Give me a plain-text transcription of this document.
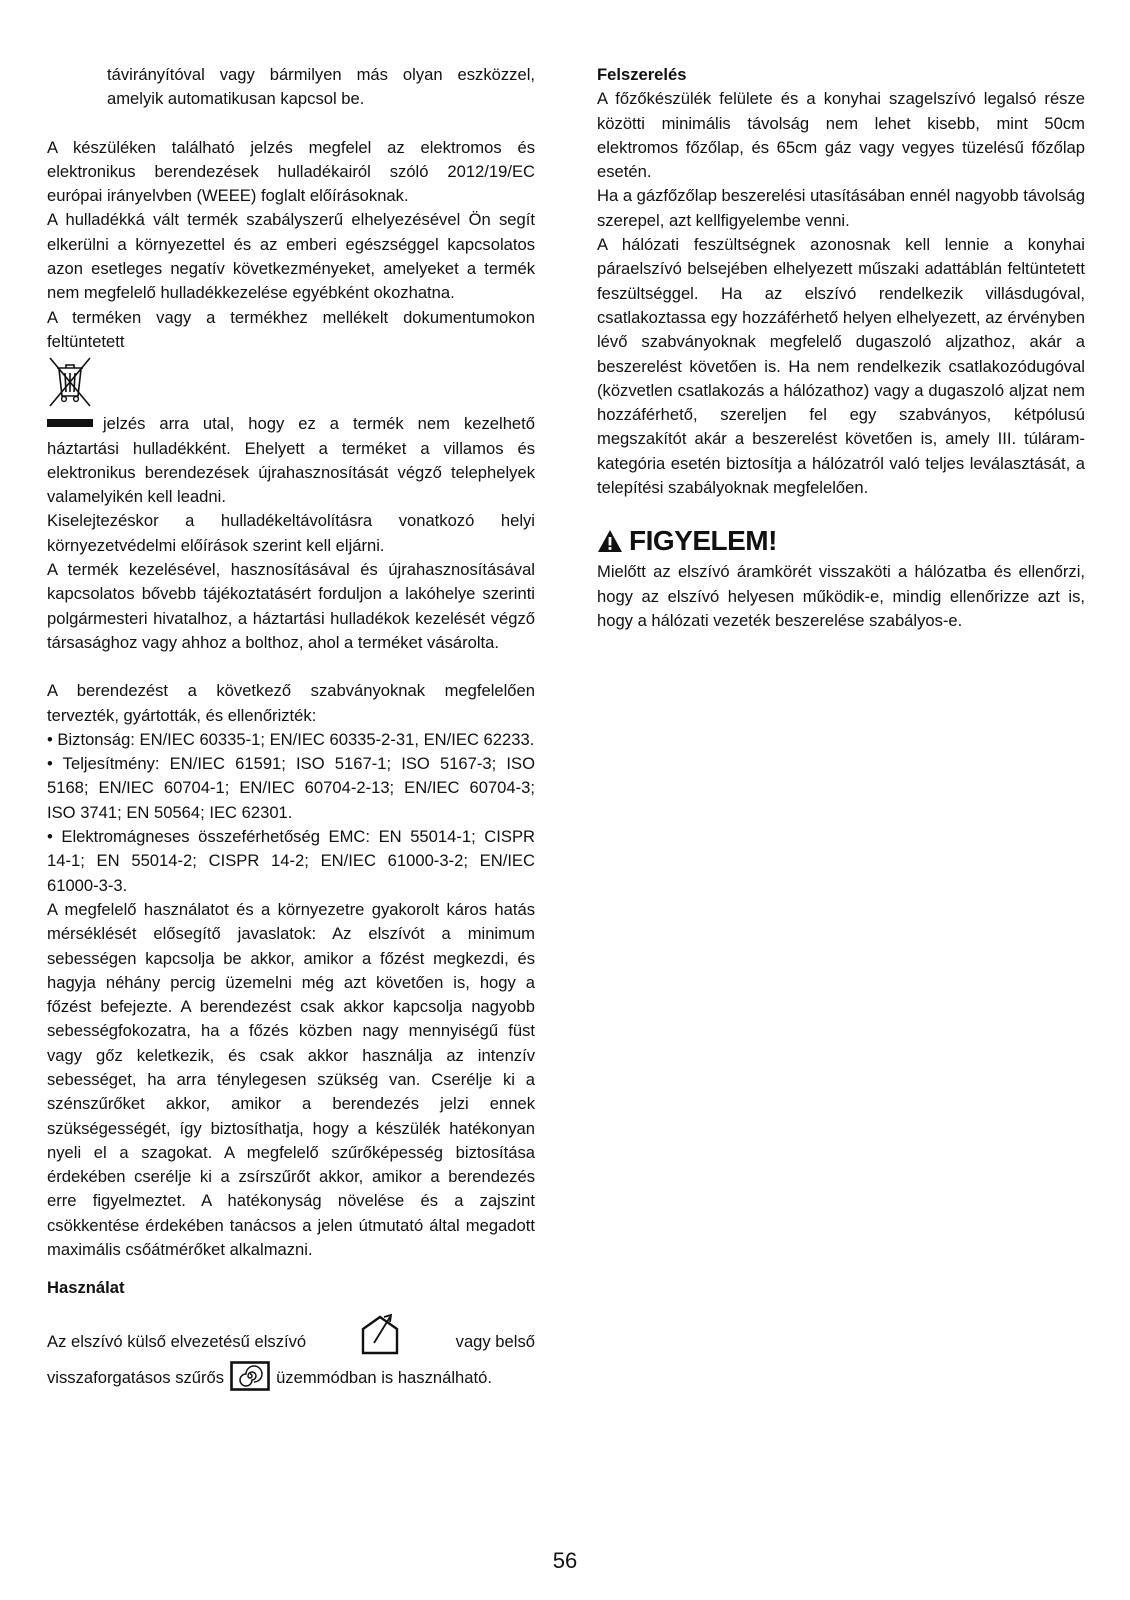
távirányítóval vagy bármilyen más olyan eszközzel, amelyik automatikusan kapcsol be.

A készüléken található jelzés megfelel az elektromos és elektronikus berendezések hulladékairól szóló 2012/19/EC európai irányelvben (WEEE) foglalt előírásoknak.

A hulladékká vált termék szabályszerű elhelyezésével Ön segít elkerülni a környezettel és az emberi egészséggel kapcsolatos azon esetleges negatív következményeket, amelyeket a termék nem megfelelő hulladékkezelése egyébként okozhatna.

A terméken vagy a termékhez mellékelt dokumentumokon feltüntetett

jelzés arra utal, hogy ez a termék nem kezelhető háztartási hulladékként. Ehelyett a terméket a villamos és elektronikus berendezések újrahasznosítását végző telephelyek valamelyikén kell leadni.

Kiselejtezéskor a hulladékeltávolításra vonatkozó helyi környezetvédelmi előírások szerint kell eljárni.

A termék kezelésével, hasznosításával és újrahasznosításával kapcsolatos bővebb tájékoztatásért forduljon a lakóhelye szerinti polgármesteri hivatalhoz, a háztartási hulladékok kezelését végző társasághoz vagy ahhoz a bolthoz, ahol a terméket vásárolta.

A berendezést a következő szabványoknak megfelelően tervezték, gyártották, és ellenőrizték:

• Biztonság: EN/IEC 60335-1; EN/IEC 60335-2-31, EN/IEC 62233.

• Teljesítmény: EN/IEC 61591; ISO 5167-1; ISO 5167-3; ISO 5168; EN/IEC 60704-1; EN/IEC 60704-2-13; EN/IEC 60704-3; ISO 3741; EN 50564; IEC 62301.

• Elektromágneses összeférhetőség EMC: EN 55014-1; CISPR 14-1; EN 55014-2; CISPR 14-2; EN/IEC 61000-3-2; EN/IEC 61000-3-3.

A megfelelő használatot és a környezetre gyakorolt káros hatás mérséklését elősegítő javaslatok: Az elszívót a minimum sebességen kapcsolja be akkor, amikor a főzést megkezdi, és hagyja néhány percig üzemelni még azt követően is, hogy a főzést befejezte. A berendezést csak akkor kapcsolja nagyobb sebességfokozatra, ha a főzés közben nagy mennyiségű füst vagy gőz keletkezik, és csak akkor használja az intenzív sebességet, ha arra ténylegesen szükség van. Cserélje ki a szénszűrőket akkor, amikor a berendezés jelzi ennek szükségességét, így biztosíthatja, hogy a készülék hatékonyan nyeli el a szagokat. A megfelelő szűrőképesség biztosítása érdekében cserélje ki a zsírszűrőt akkor, amikor a berendezés erre figyelmeztet. A hatékonyság növelése és a zajszint csökkentése érdekében tanácsos a jelen útmutató által megadott maximális csőátmérőket alkalmazni.

Használat

Az elszívó külső elvezetésű elszívó	vagy belső
visszaforgatásos szűrős	üzemmódban is használható.

Felszerelés

A főzőkészülék felülete és a konyhai szagelszívó legalsó része közötti minimális távolság nem lehet kisebb, mint 50cm elektromos főzőlap, és 65cm gáz vagy vegyes tüzelésű főzőlap esetén.

Ha a gázfőzőlap beszerelési utasításában ennél nagyobb távolság szerepel, azt kellfigyelembe venni.

A hálózati feszültségnek azonosnak kell lennie a konyhai páraelszívó belsejében elhelyezett műszaki adattáblán feltüntetett feszültséggel. Ha az elszívó rendelkezik villásdugóval, csatlakoztassa egy hozzáférhető helyen elhelyezett, az érvényben lévő szabványoknak megfelelő dugaszoló aljzathoz, akár a beszerelést követően is. Ha nem rendelkezik csatlakozódugóval (közvetlen csatlakozás a hálózathoz) vagy a dugaszoló aljzat nem hozzáférhető, szereljen fel egy szabványos, kétpólusú megszakítót akár a beszerelést követően is, amely III. túláram-kategória esetén biztosítja a hálózatról való teljes leválasztását, a telepítési szabályoknak megfelelően.

FIGYELEM!

Mielőtt az elszívó áramkörét visszaköti a hálózatba és ellenőrzi, hogy az elszívó helyesen működik-e, mindig ellenőrizze azt is, hogy a hálózati vezeték beszerelése szabályos-e.

56
